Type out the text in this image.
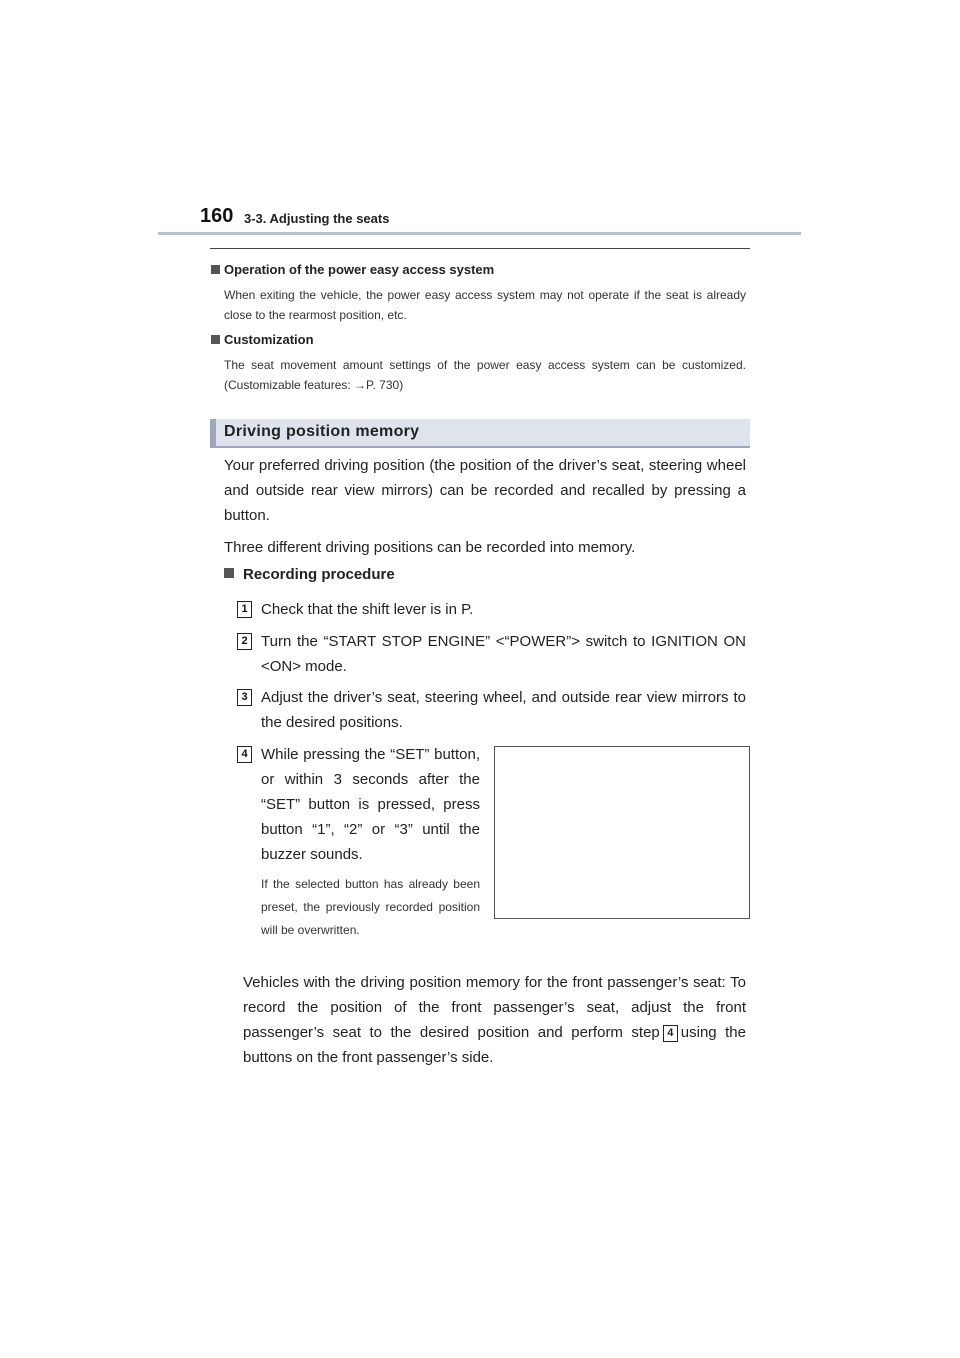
160 3-3. Adjusting the seats
Operation of the power easy access system
When exiting the vehicle, the power easy access system may not operate if the seat is already close to the rearmost position, etc.
Customization
The seat movement amount settings of the power easy access system can be customized. (Customizable features: →P. 730)
Driving position memory
Your preferred driving position (the position of the driver’s seat, steering wheel and outside rear view mirrors) can be recorded and recalled by pressing a button.
Three different driving positions can be recorded into memory.
Recording procedure
1 Check that the shift lever is in P.
2 Turn the “START STOP ENGINE” <“POWER”> switch to IGNITION ON <ON> mode.
3 Adjust the driver’s seat, steering wheel, and outside rear view mirrors to the desired positions.
4 While pressing the “SET” button, or within 3 seconds after the “SET” button is pressed, press button “1”, “2” or “3” until the buzzer sounds.
If the selected button has already been preset, the previously recorded position will be overwritten.
Vehicles with the driving position memory for the front passenger’s seat: To record the position of the front passenger’s seat, adjust the front passenger’s seat to the desired position and perform step 4 using the buttons on the front passenger’s side.
